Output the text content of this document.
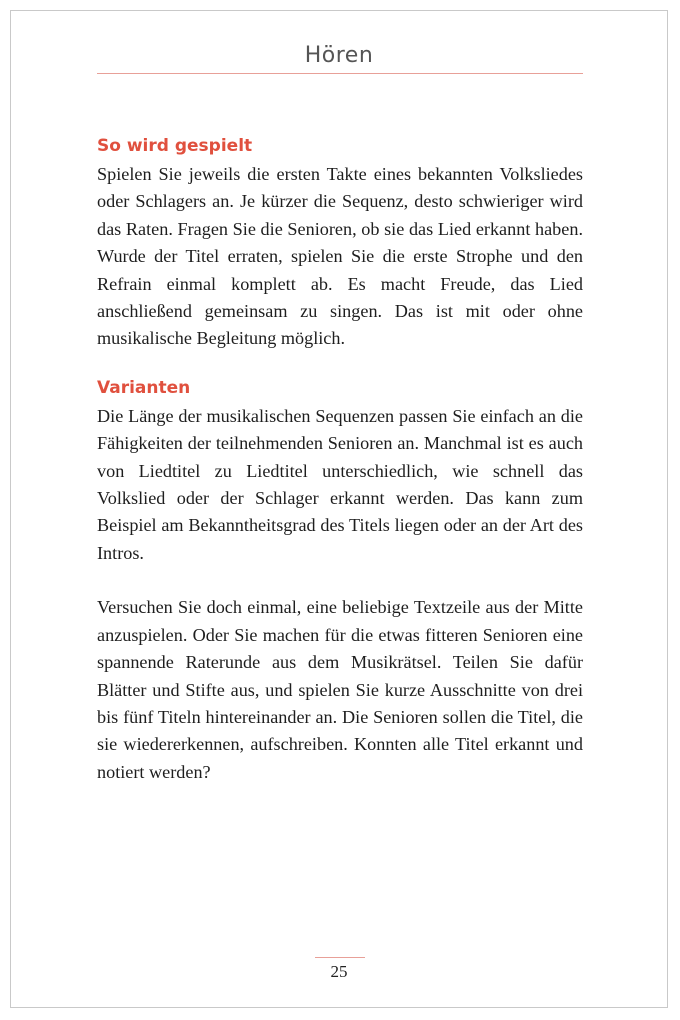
Hören
So wird gespielt

Spielen Sie jeweils die ersten Takte eines bekannten Volksliedes oder Schlagers an. Je kürzer die Sequenz, desto schwieriger wird das Raten. Fragen Sie die Senioren, ob sie das Lied erkannt haben. Wurde der Titel erraten, spielen Sie die erste Strophe und den Refrain einmal komplett ab. Es macht Freude, das Lied anschließend gemeinsam zu singen. Das ist mit oder ohne musikalische Begleitung möglich.

Varianten

Die Länge der musikalischen Sequenzen passen Sie einfach an die Fähigkeiten der teilnehmenden Senioren an. Manchmal ist es auch von Liedtitel zu Liedtitel unterschiedlich, wie schnell das Volkslied oder der Schlager erkannt werden. Das kann zum Beispiel am Bekanntheitsgrad des Titels liegen oder an der Art des Intros.

Versuchen Sie doch einmal, eine beliebige Textzeile aus der Mitte anzuspielen. Oder Sie machen für die etwas fitteren Senioren eine spannende Raterunde aus dem Musikrätsel. Teilen Sie dafür Blätter und Stifte aus, und spielen Sie kurze Ausschnitte von drei bis fünf Titeln hintereinander an. Die Senioren sollen die Titel, die sie wiedererkennen, aufschreiben. Konnten alle Titel erkannt und notiert werden?

25
